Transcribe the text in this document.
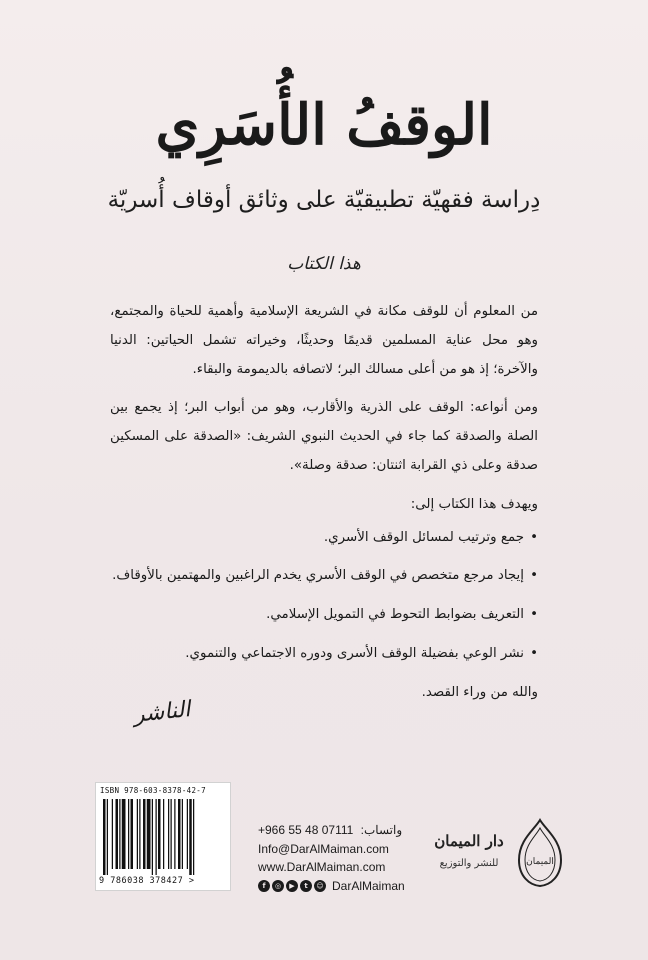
الوقفُ الأُسَرِي
دِراسة فقهيّة تطبيقيّة على وثائق أوقاف أُسريّة
هذا الكتاب

من المعلوم أن للوقف مكانة في الشريعة الإسلامية وأهمية للحياة والمجتمع، وهو محل عناية المسلمين قديمًا وحديثًا، وخيراته تشمل الحياتين: الدنيا والآخرة؛ إذ هو من أعلى مسالك البر؛ لاتصافه بالديمومة والبقاء.

ومن أنواعه: الوقف على الذرية والأقارب، وهو من أبواب البر؛ إذ يجمع بين الصلة والصدقة كما جاء في الحديث النبوي الشريف: «الصدقة على المسكين صدقة وعلى ذي القرابة اثنتان: صدقة وصلة».

ويهدف هذا الكتاب إلى:

• جمع وترتيب لمسائل الوقف الأسري.
• إيجاد مرجع متخصص في الوقف الأسري يخدم الراغبين والمهتمين بالأوقاف.
• التعريف بضوابط التحوط في التمويل الإسلامي.
• نشر الوعي بفضيلة الوقف الأسرى ودوره الاجتماعي والتنموي.

والله من وراء القصد.

الناشر
ISBN 978-603-8378-42-7
9 786038 378427 >
+966 55 48 07111 واتساب:
Info@DarAlMaiman.com
www.DarAlMaiman.com
f	◎	▶	t	☺ DarAlMaiman
دار الميمان
للنشر والتوزيع	الميمان
